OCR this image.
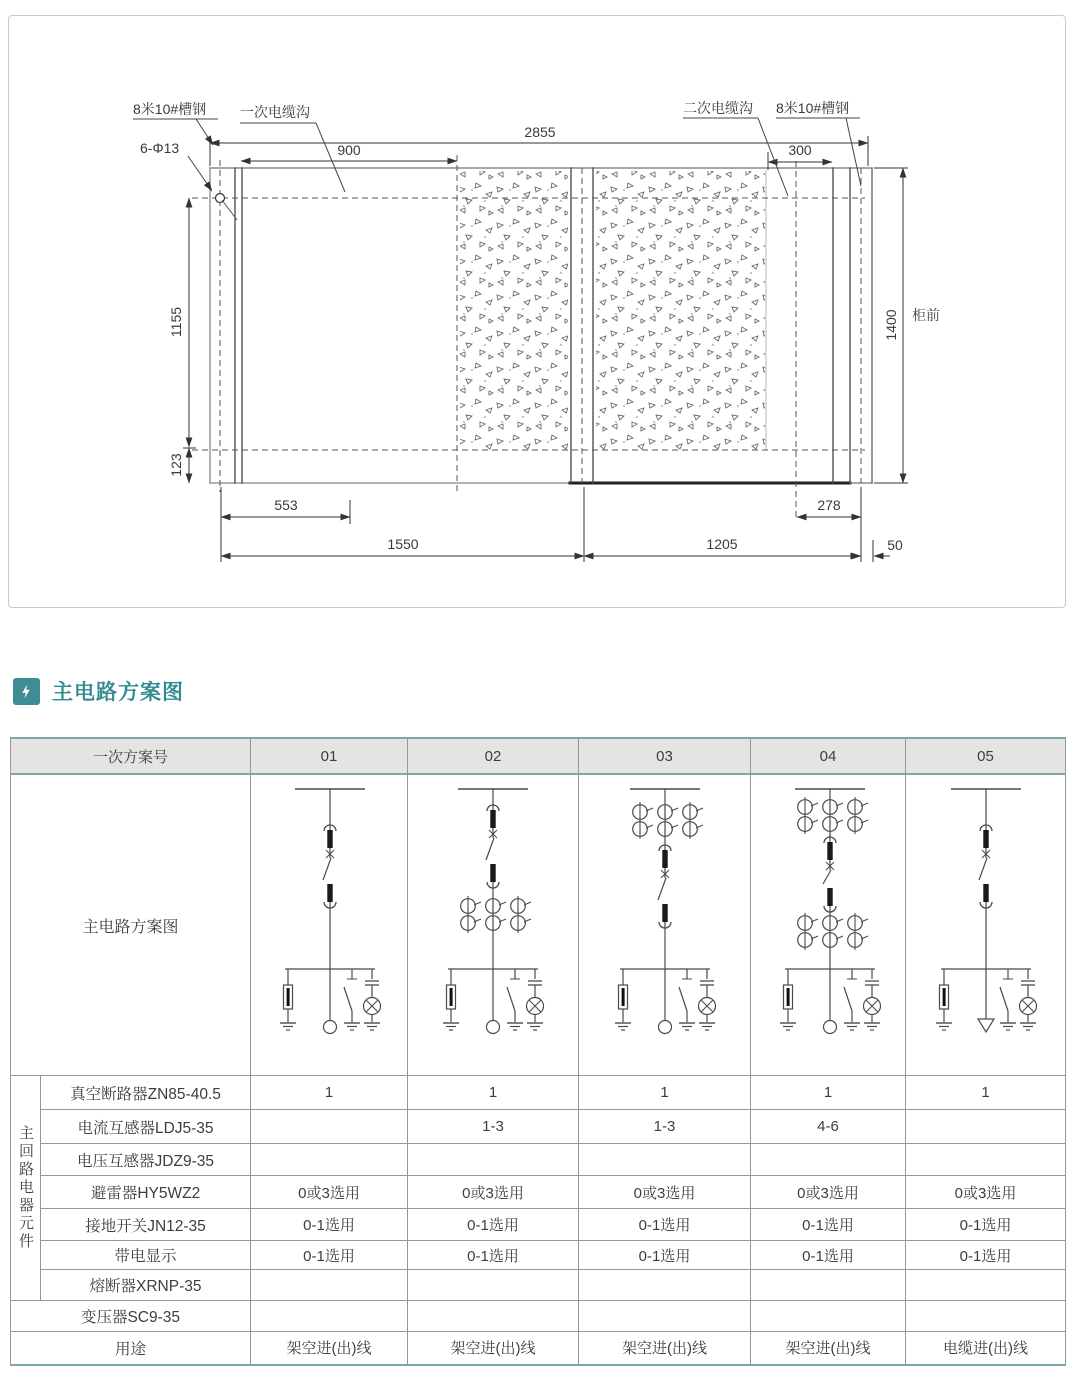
8米10#槽钢 一次电缆沟	二次电缆沟 8米10#槽钢
6-Φ13
2855
900	300
1155
123
1400 柜前
553	278
1550	1205	50
主电路方案图
一次方案号		01	02	03	04	05
主电路方案图					
主回路电器元件	真空断路器ZN85-40.5	1	1	1	1	1
	电流互感器LDJ5-35		1-3	1-3	4-6	
	电压互感器JDZ9-35					
	避雷器HY5WZ2	0或3选用	0或3选用	0或3选用	0或3选用	0或3选用
	接地开关JN12-35	0-1选用	0-1选用	0-1选用	0-1选用	0-1选用
	带电显示	0-1选用	0-1选用	0-1选用	0-1选用	0-1选用
	熔断器XRNP-35					
变压器SC9-35						
用途		架空进(出)线	架空进(出)线	架空进(出)线	架空进(出)线	电缆进(出)线
